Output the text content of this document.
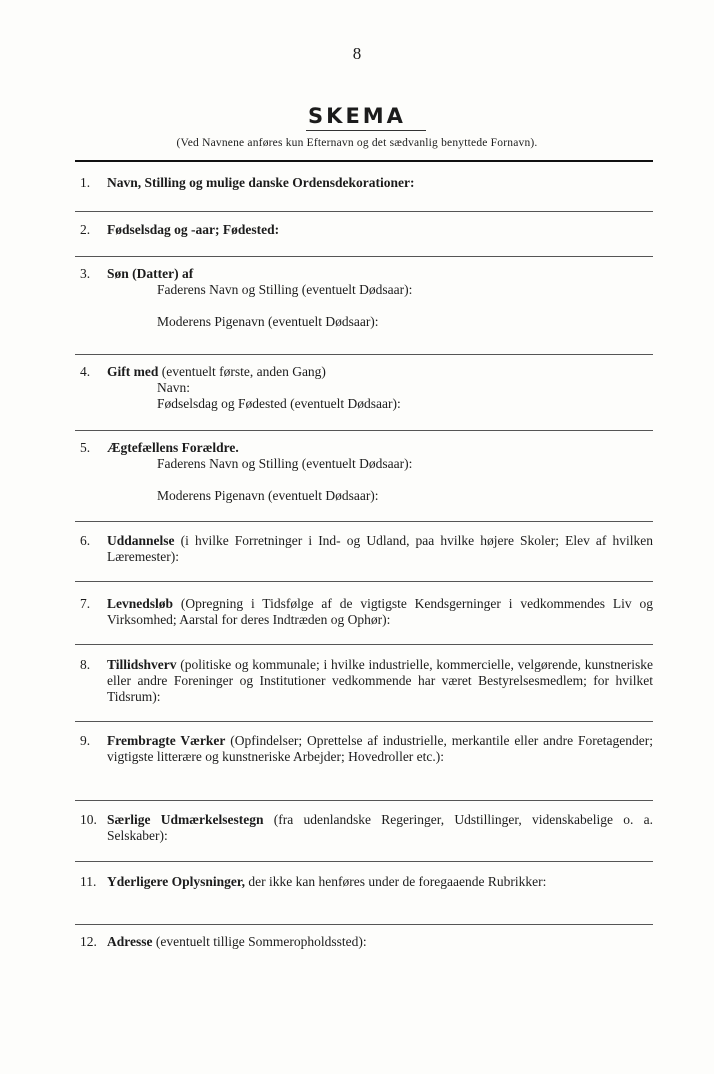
8
SKEMA
(Ved Navnene anføres kun Efternavn og det sædvanlig benyttede Fornavn).
1.	Navn, Stilling og mulige danske Ordensdekorationer:
2.	Fødselsdag og -aar; Fødested:
3.	Søn (Datter) af
Faderens Navn og Stilling (eventuelt Dødsaar):
Moderens Pigenavn (eventuelt Dødsaar):
4.	Gift med (eventuelt første, anden Gang)
Navn:
Fødselsdag og Fødested (eventuelt Dødsaar):
5.	Ægtefællens Forældre.
Faderens Navn og Stilling (eventuelt Dødsaar):
Moderens Pigenavn (eventuelt Dødsaar):
6.	Uddannelse (i hvilke Forretninger i Ind- og Udland, paa hvilke højere Skoler; Elev af hvilken Læremester):
7.	Levnedsløb (Opregning i Tidsfølge af de vigtigste Kendsgerninger i vedkommendes Liv og Virksomhed; Aarstal for deres Indtræden og Ophør):
8.	Tillidshverv (politiske og kommunale; i hvilke industrielle, kommercielle, velgørende, kunstneriske eller andre Foreninger og Institutioner vedkommende har været Bestyrelsesmedlem; for hvilket Tidsrum):
9.	Frembragte Værker (Opfindelser; Oprettelse af industrielle, merkantile eller andre Foretagender; vigtigste litterære og kunstneriske Arbejder; Hovedroller etc.):
10. Særlige Udmærkelsestegn (fra udenlandske Regeringer, Udstillinger, videnskabelige o. a. Selskaber):
11. Yderligere Oplysninger, der ikke kan henføres under de foregaaende Rubrikker:
12. Adresse (eventuelt tillige Sommeropholdssted):
